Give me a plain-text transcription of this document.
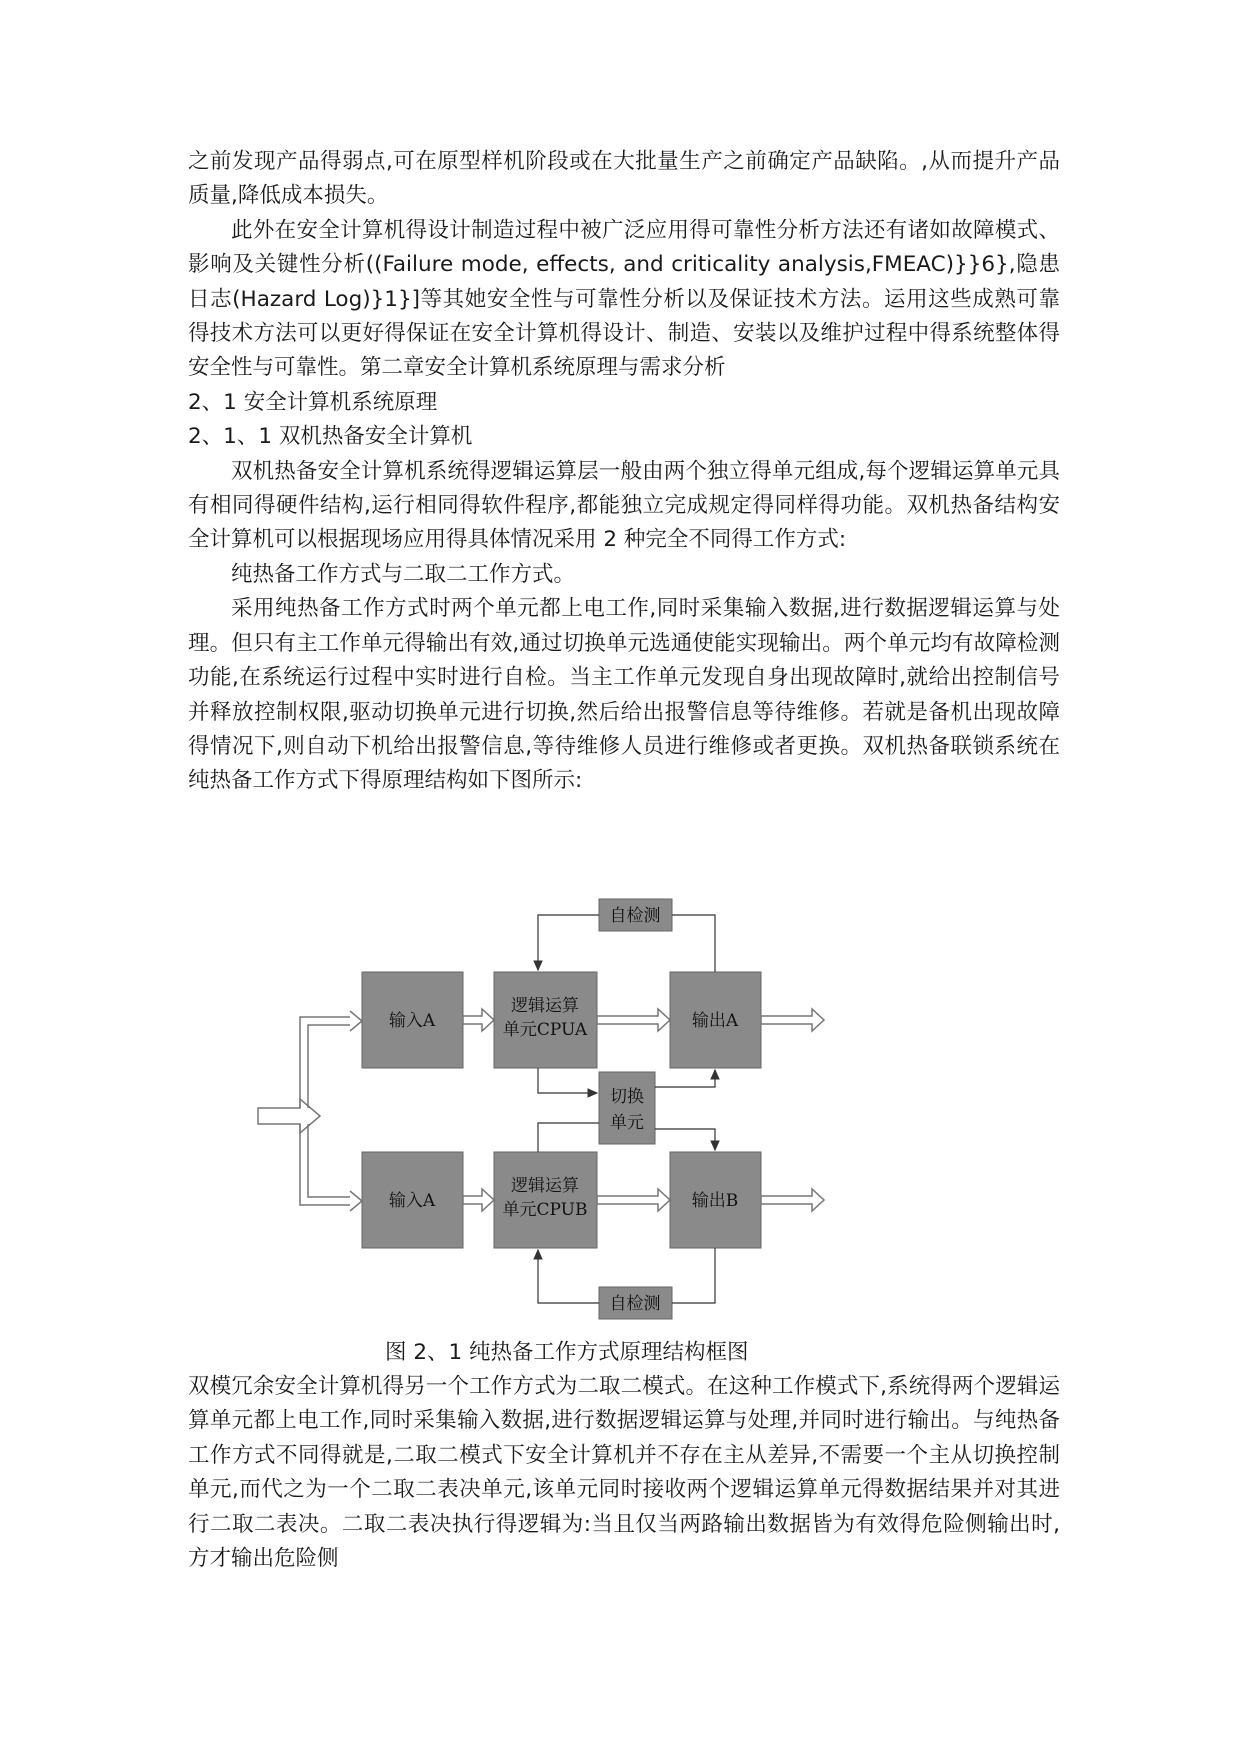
之前发现产品得弱点,可在原型样机阶段或在大批量生产之前确定产品缺陷。,从而提升产品质量,降低成本损失。

此外在安全计算机得设计制造过程中被广泛应用得可靠性分析方法还有诸如故障模式、影响及关键性分析((Failure mode, effects, and criticality analysis,FMEAC)}}6},隐患日志(Hazard Log)}1}]等其她安全性与可靠性分析以及保证技术方法。运用这些成熟可靠得技术方法可以更好得保证在安全计算机得设计、制造、安装以及维护过程中得系统整体得安全性与可靠性。第二章安全计算机系统原理与需求分析

2、1 安全计算机系统原理

2、1、1 双机热备安全计算机

双机热备安全计算机系统得逻辑运算层一般由两个独立得单元组成,每个逻辑运算单元具有相同得硬件结构,运行相同得软件程序,都能独立完成规定得同样得功能。双机热备结构安全计算机可以根据现场应用得具体情况采用 2 种完全不同得工作方式:

纯热备工作方式与二取二工作方式。

采用纯热备工作方式时两个单元都上电工作,同时采集输入数据,进行数据逻辑运算与处理。但只有主工作单元得输出有效,通过切换单元选通使能实现输出。两个单元均有故障检测功能,在系统运行过程中实时进行自检。当主工作单元发现自身出现故障时,就给出控制信号并释放控制权限,驱动切换单元进行切换,然后给出报警信息等待维修。若就是备机出现故障得情况下,则自动下机给出报警信息,等待维修人员进行维修或者更换。双机热备联锁系统在纯热备工作方式下得原理结构如下图所示:

输入A
输入A
逻辑运算
单元CPUA
逻辑运算
单元CPUB
输出A
输出B
自检测
自检测
切换
单元
图 2、1 纯热备工作方式原理结构框图

双模冗余安全计算机得另一个工作方式为二取二模式。在这种工作模式下,系统得两个逻辑运算单元都上电工作,同时采集输入数据,进行数据逻辑运算与处理,并同时进行输出。与纯热备工作方式不同得就是,二取二模式下安全计算机并不存在主从差异,不需要一个主从切换控制单元,而代之为一个二取二表决单元,该单元同时接收两个逻辑运算单元得数据结果并对其进行二取二表决。二取二表决执行得逻辑为:当且仅当两路输出数据皆为有效得危险侧输出时,方才输出危险侧
